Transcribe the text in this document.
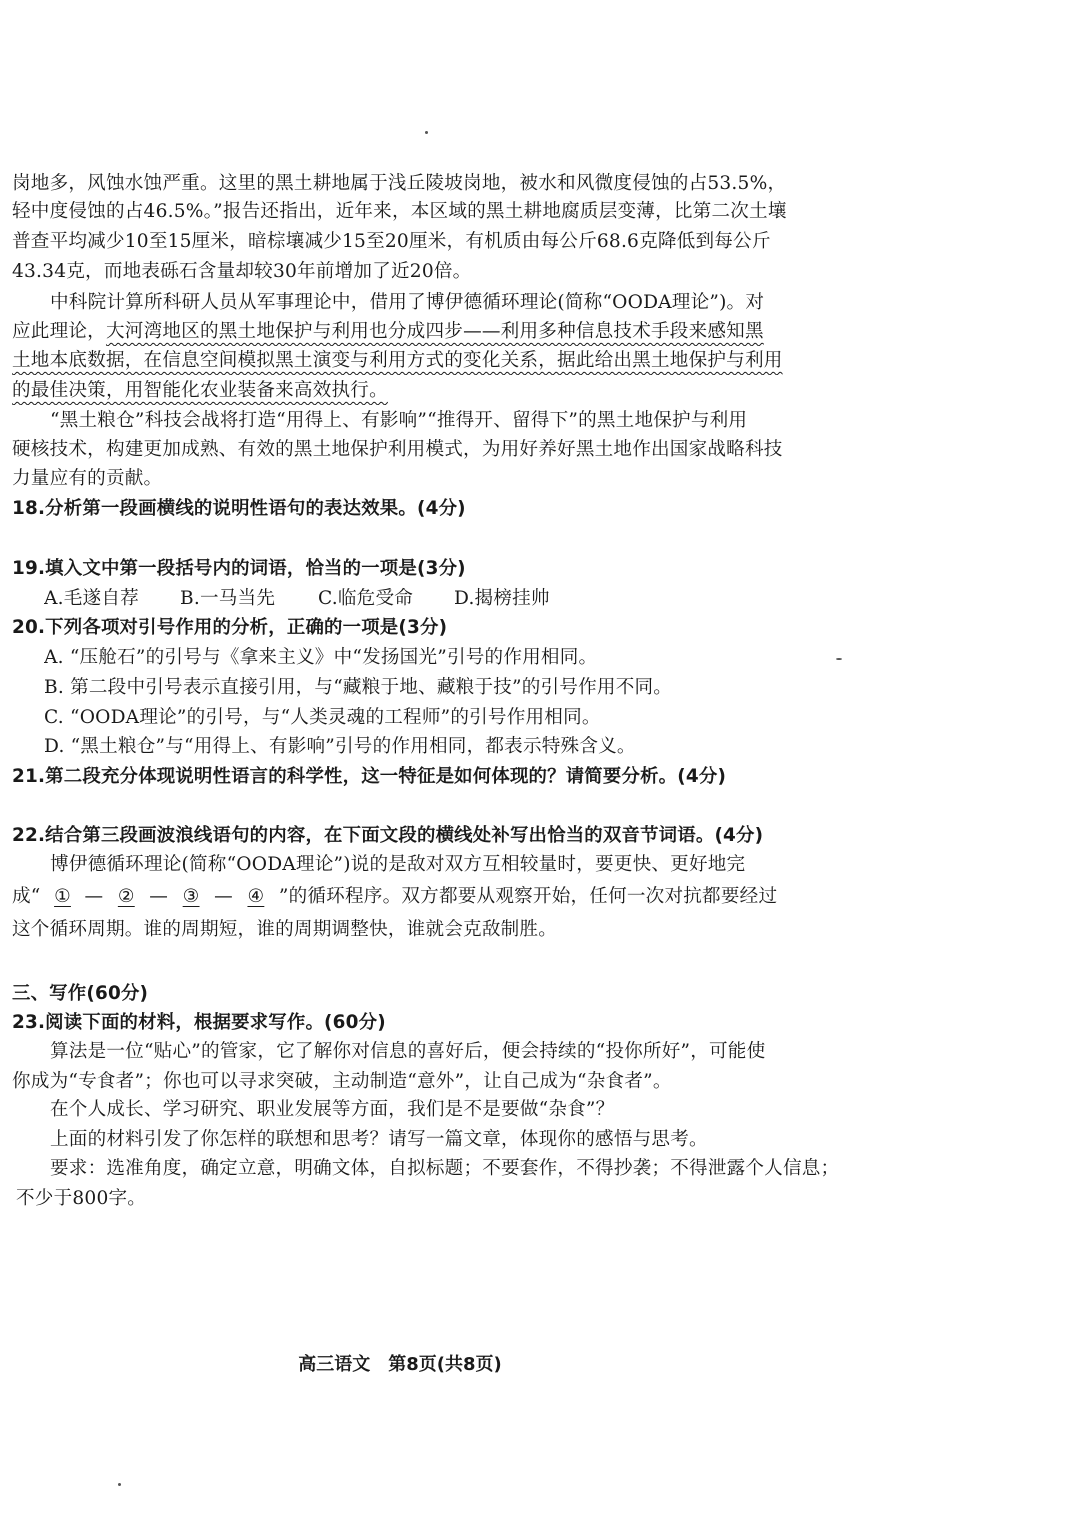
岗地多，风蚀水蚀严重。这里的黑土耕地属于浅丘陵坡岗地，被水和风微度侵蚀的占53.5%，
轻中度侵蚀的占46.5%。”报告还指出，近年来，本区域的黑土耕地腐质层变薄，比第二次土壤
普查平均减少10至15厘米，暗棕壤减少15至20厘米，有机质由每公斤68.6克降低到每公斤
43.34克，而地表砾石含量却较30年前增加了近20倍。
中科院计算所科研人员从军事理论中，借用了博伊德循环理论(简称“OODA理论”)。对
应此理论，大河湾地区的黑土地保护与利用也分成四步——利用多种信息技术手段来感知黑
土地本底数据，在信息空间模拟黑土演变与利用方式的变化关系，据此给出黑土地保护与利用
的最佳决策，用智能化农业装备来高效执行。
“黑土粮仓”科技会战将打造“用得上、有影响”“推得开、留得下”的黑土地保护与利用
硬核技术，构建更加成熟、有效的黑土地保护利用模式，为用好养好黑土地作出国家战略科技
力量应有的贡献。
18.分析第一段画横线的说明性语句的表达效果。(4分)
19.填入文中第一段括号内的词语，恰当的一项是(3分)
A.毛遂自荐 B.一马当先 C.临危受命 D.揭榜挂帅
20.下列各项对引号作用的分析，正确的一项是(3分)
A. “压舱石”的引号与《拿来主义》中“发扬国光”引号的作用相同。
B. 第二段中引号表示直接引用，与“藏粮于地、藏粮于技”的引号作用不同。
C. “OODA理论”的引号，与“人类灵魂的工程师”的引号作用相同。
D. “黑土粮仓”与“用得上、有影响”引号的作用相同，都表示特殊含义。
21.第二段充分体现说明性语言的科学性，这一特征是如何体现的？请简要分析。(4分)
22.结合第三段画波浪线语句的内容，在下面文段的横线处补写出恰当的双音节词语。(4分)
博伊德循环理论(简称“OODA理论”)说的是敌对双方互相较量时，要更快、更好地完
成“ ① — ② — ③ — ④ ”的循环程序。双方都要从观察开始，任何一次对抗都要经过
这个循环周期。谁的周期短，谁的周期调整快，谁就会克敌制胜。
三、写作(60分)
23.阅读下面的材料，根据要求写作。(60分)
算法是一位“贴心”的管家，它了解你对信息的喜好后，便会持续的“投你所好”，可能使
你成为“专食者”；你也可以寻求突破，主动制造“意外”，让自己成为“杂食者”。
在个人成长、学习研究、职业发展等方面，我们是不是要做“杂食”？
上面的材料引发了你怎样的联想和思考？请写一篇文章，体现你的感悟与思考。
要求：选准角度，确定立意，明确文体，自拟标题；不要套作，不得抄袭；不得泄露个人信息；
不少于800字。
高三语文　第8页(共8页)
